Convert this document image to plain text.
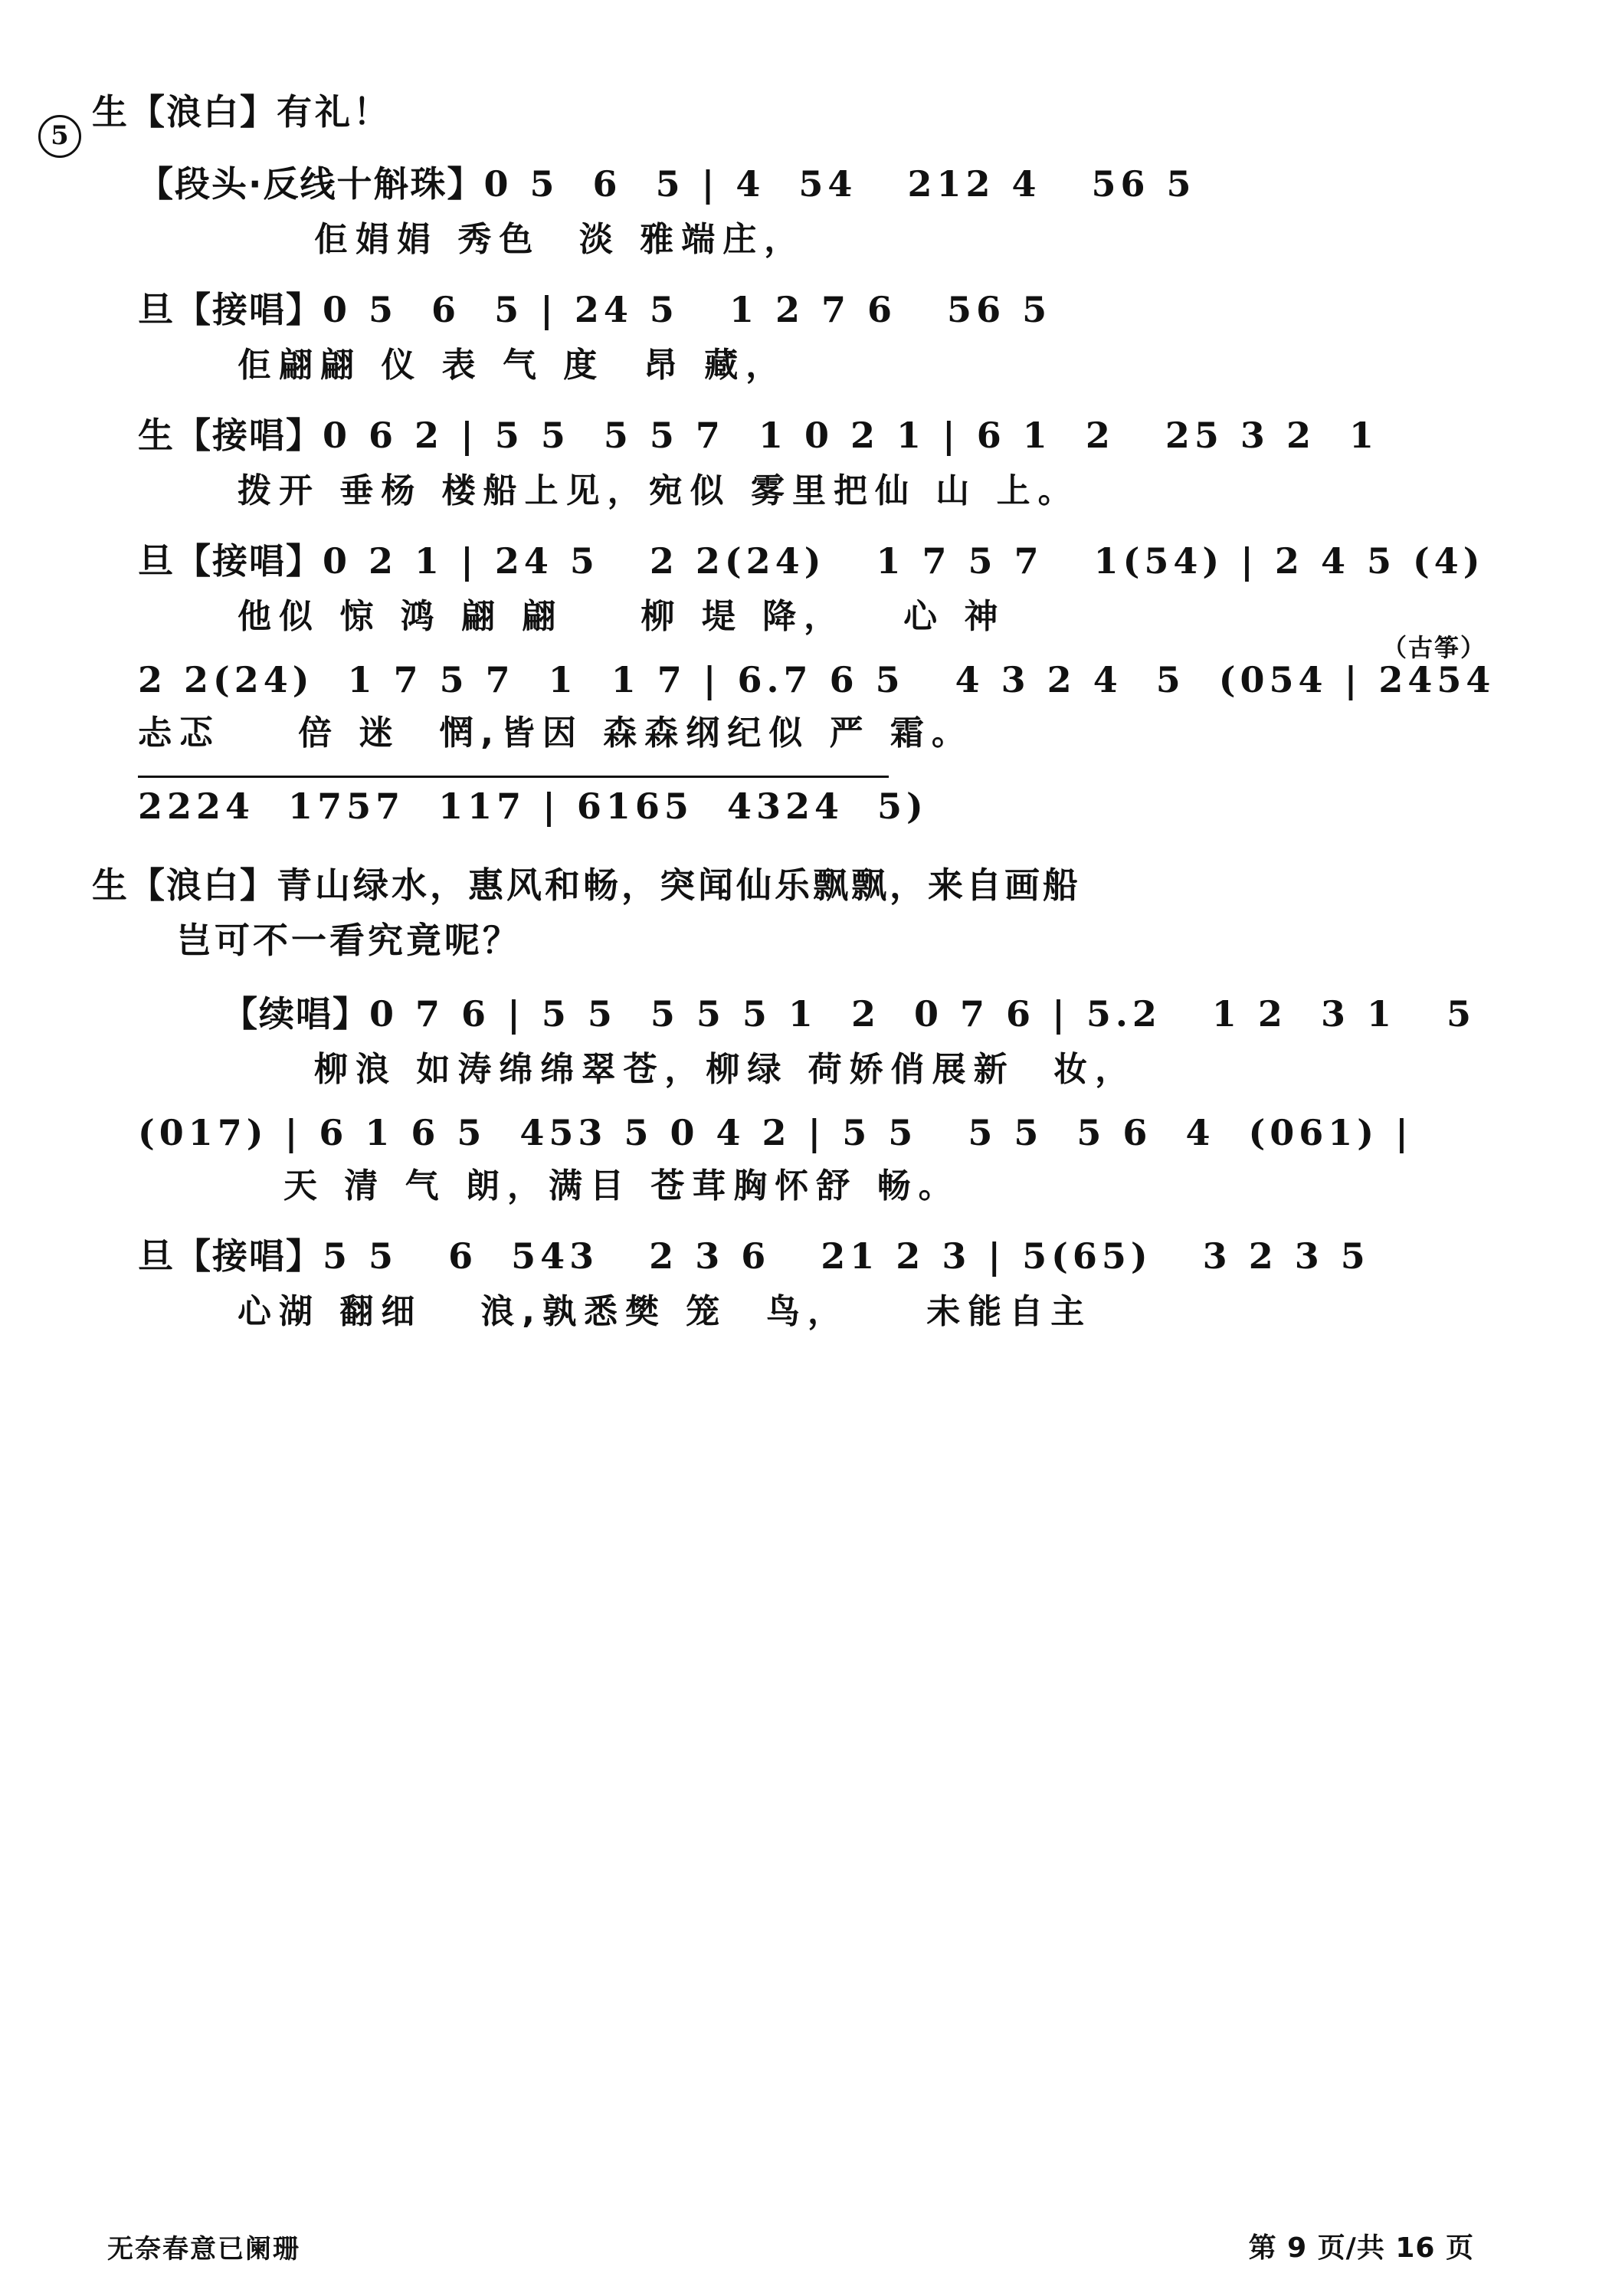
5
生【浪白】有礼！
【段头·反线十斛珠】0 5  6  5 | 4  54   212 4   56 5
佢娟娟 秀色  淡 雅端庄，
旦【接唱】0 5  6  5 | 24 5   1 2 7 6   56 5
佢翩翩 仪 表 气 度  昂 藏，
生【接唱】0 6 2 | 5 5  5 5 7  1 0 2 1 | 6 1  2   25 3 2  1
拨开 垂杨 楼船上见，宛似 雾里把仙 山 上。
旦【接唱】0 2 1 | 24 5   2 2(24)   1 7 5 7   1(54) | 2 4 5 (4)
他似 惊 鸿 翩 翩    柳 堤 降，   心 神
（古筝）
2 2(24)  1 7 5 7  1  1 7 | 6.7 6 5   4 3 2 4  5  (054 | 2454
忐忑    倍 迷  惘,皆因 森森纲纪似 严 霜。
2224  1757  117 | 6165  4324  5)
生【浪白】青山绿水，惠风和畅，突闻仙乐飘飘，来自画船
岂可不一看究竟呢？
【续唱】0 7 6 | 5 5  5 5 5 1  2  0 7 6 | 5.2   1 2  3 1   5
柳浪 如涛绵绵翠苍，柳绿 荷娇俏展新  妆，
(017) | 6 1 6 5  453 5 0 4 2 | 5 5   5 5  5 6  4  (061) |
天 清 气 朗，满目 苍茸胸怀舒 畅。
旦【接唱】5 5   6  543   2 3 6   21 2 3 | 5(65)   3 2 3 5
心湖 翻细   浪,孰悉樊 笼  鸟，    未能自主
无奈春意已阑珊	第 9 页/共 16 页
